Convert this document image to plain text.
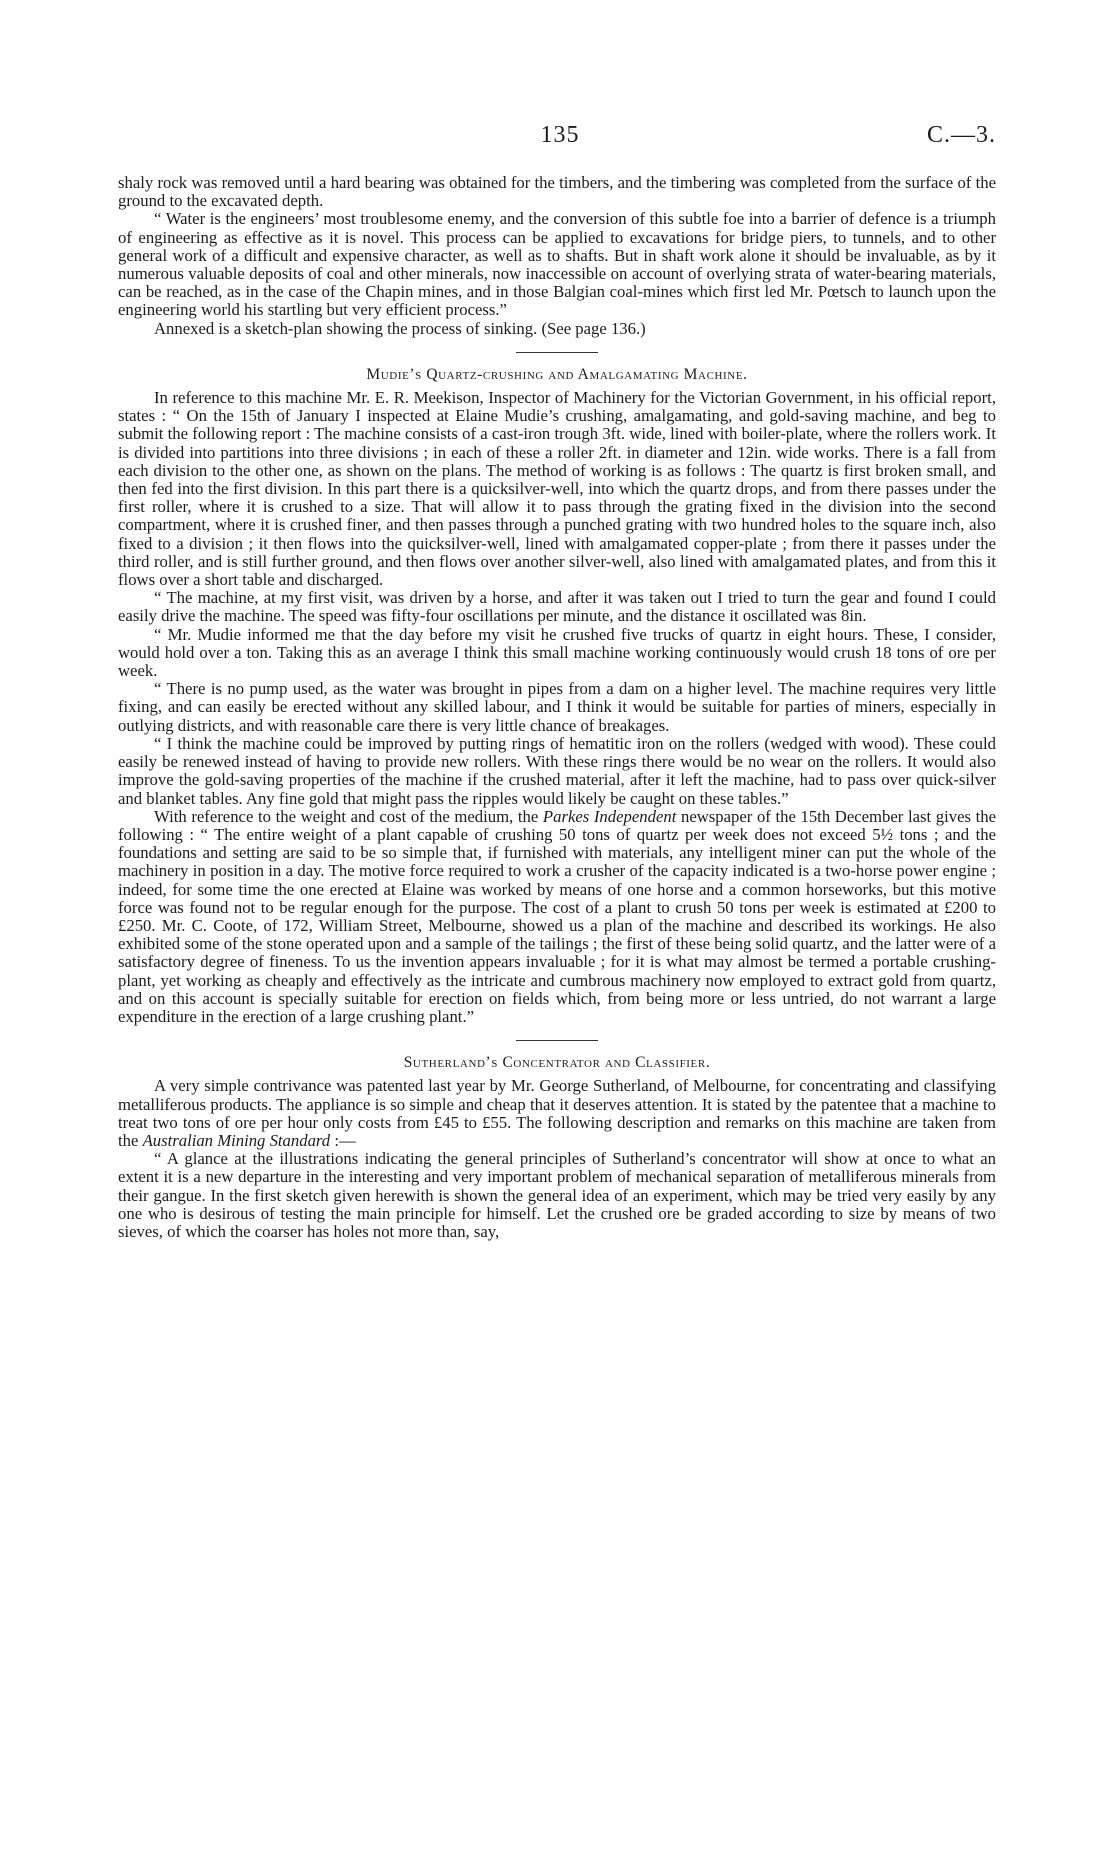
135	C.—3.

shaly rock was removed until a hard bearing was obtained for the timbers, and the timbering was completed from the surface of the ground to the excavated depth.

“ Water is the engineers’ most troublesome enemy, and the conversion of this subtle foe into a barrier of defence is a triumph of engineering as effective as it is novel. This process can be applied to excavations for bridge piers, to tunnels, and to other general work of a difficult and expensive character, as well as to shafts. But in shaft work alone it should be invaluable, as by it numerous valuable deposits of coal and other minerals, now inaccessible on account of overlying strata of water-bearing materials, can be reached, as in the case of the Chapin mines, and in those Balgian coal-mines which first led Mr. Pœtsch to launch upon the engineering world his startling but very efficient process.”

Annexed is a sketch-plan showing the process of sinking. (See page 136.)

Mudie’s Quartz-crushing and Amalgamating Machine.

In reference to this machine Mr. E. R. Meekison, Inspector of Machinery for the Victorian Government, in his official report, states : “ On the 15th of January I inspected at Elaine Mudie’s crushing, amalgamating, and gold-saving machine, and beg to submit the following report : The machine consists of a cast-iron trough 3ft. wide, lined with boiler-plate, where the rollers work. It is divided into partitions into three divisions ; in each of these a roller 2ft. in diameter and 12in. wide works. There is a fall from each division to the other one, as shown on the plans. The method of working is as follows : The quartz is first broken small, and then fed into the first division. In this part there is a quicksilver-well, into which the quartz drops, and from there passes under the first roller, where it is crushed to a size. That will allow it to pass through the grating fixed in the division into the second compartment, where it is crushed finer, and then passes through a punched grating with two hundred holes to the square inch, also fixed to a division ; it then flows into the quicksilver-well, lined with amalgamated copper-plate ; from there it passes under the third roller, and is still further ground, and then flows over another silver-well, also lined with amalgamated plates, and from this it flows over a short table and discharged.

“ The machine, at my first visit, was driven by a horse, and after it was taken out I tried to turn the gear and found I could easily drive the machine. The speed was fifty-four oscillations per minute, and the distance it oscillated was 8in.

“ Mr. Mudie informed me that the day before my visit he crushed five trucks of quartz in eight hours. These, I consider, would hold over a ton. Taking this as an average I think this small machine working continuously would crush 18 tons of ore per week.

“ There is no pump used, as the water was brought in pipes from a dam on a higher level. The machine requires very little fixing, and can easily be erected without any skilled labour, and I think it would be suitable for parties of miners, especially in outlying districts, and with reasonable care there is very little chance of breakages.

“ I think the machine could be improved by putting rings of hematitic iron on the rollers (wedged with wood). These could easily be renewed instead of having to provide new rollers. With these rings there would be no wear on the rollers. It would also improve the gold-saving properties of the machine if the crushed material, after it left the machine, had to pass over quick-silver and blanket tables. Any fine gold that might pass the ripples would likely be caught on these tables.”

With reference to the weight and cost of the medium, the Parkes Independent newspaper of the 15th December last gives the following : “ The entire weight of a plant capable of crushing 50 tons of quartz per week does not exceed 5½ tons ; and the foundations and setting are said to be so simple that, if furnished with materials, any intelligent miner can put the whole of the machinery in position in a day. The motive force required to work a crusher of the capacity indicated is a two-horse power engine ; indeed, for some time the one erected at Elaine was worked by means of one horse and a common horseworks, but this motive force was found not to be regular enough for the purpose. The cost of a plant to crush 50 tons per week is estimated at £200 to £250. Mr. C. Coote, of 172, William Street, Melbourne, showed us a plan of the machine and described its workings. He also exhibited some of the stone operated upon and a sample of the tailings ; the first of these being solid quartz, and the latter were of a satisfactory degree of fineness. To us the invention appears invaluable ; for it is what may almost be termed a portable crushing-plant, yet working as cheaply and effectively as the intricate and cumbrous machinery now employed to extract gold from quartz, and on this account is specially suitable for erection on fields which, from being more or less untried, do not warrant a large expenditure in the erection of a large crushing plant.”

Sutherland’s Concentrator and Classifier.

A very simple contrivance was patented last year by Mr. George Sutherland, of Melbourne, for concentrating and classifying metalliferous products. The appliance is so simple and cheap that it deserves attention. It is stated by the patentee that a machine to treat two tons of ore per hour only costs from £45 to £55. The following description and remarks on this machine are taken from the Australian Mining Standard :—

“ A glance at the illustrations indicating the general principles of Sutherland’s concentrator will show at once to what an extent it is a new departure in the interesting and very important problem of mechanical separation of metalliferous minerals from their gangue. In the first sketch given herewith is shown the general idea of an experiment, which may be tried very easily by any one who is desirous of testing the main principle for himself. Let the crushed ore be graded according to size by means of two sieves, of which the coarser has holes not more than, say,
